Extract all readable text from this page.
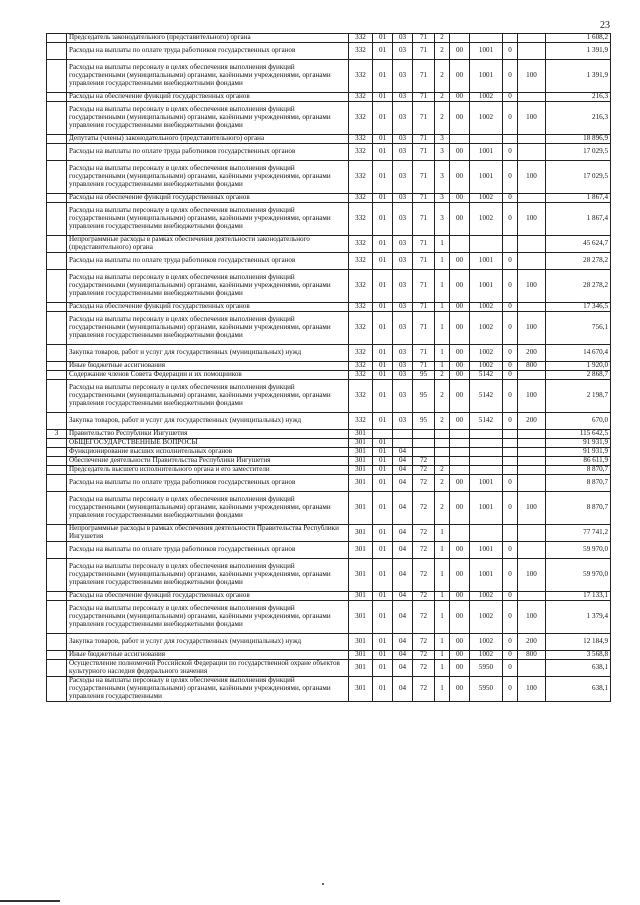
23
	Председатель законодательного (представительного) органа	332	01	03	71	2					1 608,2
	Расходы на выплаты по оплате труда работников государственных органов	332	01	03	71	2	00	1001	0		1 391,9
	Расходы на выплаты персоналу в целях обеспечения выполнения функций государственными (муниципальными) органами, казёнными учреждениями, органами управления государственными внебюджетными фондами	332	01	03	71	2	00	1001	0	100	1 391,9
	Расходы на обеспечение функций государственных органов	332	01	03	71	2	00	1002	0		216,3
	Расходы на выплаты персоналу в целях обеспечения выполнения функций государственными (муниципальными) органами, казёнными учреждениями, органами управления государственными внебюджетными фондами	332	01	03	71	2	00	1002	0	100	216,3
	Депутаты (члены) законодательного (представительного) органа	332	01	03	71	3					18 896,9
	Расходы на выплаты по оплате труда работников государственных органов	332	01	03	71	3	00	1001	0		17 029,5
	Расходы на выплаты персоналу в целях обеспечения выполнения функций государственными (муниципальными) органами, казёнными учреждениями, органами управления государственными внебюджетными фондами	332	01	03	71	3	00	1001	0	100	17 029,5
	Расходы на обеспечение функций государственных органов	332	01	03	71	3	00	1002	0		1 867,4
	Расходы на выплаты персоналу в целях обеспечения выполнения функций государственными (муниципальными) органами, казёнными учреждениями, органами управления государственными внебюджетными фондами	332	01	03	71	3	00	1002	0	100	1 867,4
	Непрограммные расходы в рамках обеспечения деятельности законодательного (представительного) органа	332	01	03	71	1					45 624,7
	Расходы на выплаты по оплате труда работников государственных органов	332	01	03	71	1	00	1001	0		28 278,2
	Расходы на выплаты персоналу в целях обеспечения выполнения функций государственными (муниципальными) органами, казёнными учреждениями, органами управления государственными внебюджетными фондами	332	01	03	71	1	00	1001	0	100	28 278,2
	Расходы на обеспечение функций государственных органов	332	01	03	71	1	00	1002	0		17 346,5
	Расходы на выплаты персоналу в целях обеспечения выполнения функций государственными (муниципальными) органами, казёнными учреждениями, органами управления государственными внебюджетными фондами	332	01	03	71	1	00	1002	0	100	756,1
	Закупка товаров, работ и услуг для государственных (муниципальных) нужд	332	01	03	71	1	00	1002	0	200	14 670,4
	Иные бюджетные ассигнования	332	01	03	71	1	00	1002	0	800	1 920,0
	Содержание членов Совета Федерации и их помощников	332	01	03	95	2	00	5142	0		2 868,7
	Расходы на выплаты персоналу в целях обеспечения выполнения функций государственными (муниципальными) органами, казёнными учреждениями, органами управления государственными внебюджетными фондами	332	01	03	95	2	00	5142	0	100	2 198,7
	Закупка товаров, работ и услуг для государственных (муниципальных) нужд	332	01	03	95	2	00	5142	0	200	670,0
3	Правительство Республики Ингушетия	301									115 642,5
	ОБЩЕГОСУДАРСТВЕННЫЕ ВОПРОСЫ	301	01								91 931,9
	Функционирование высших исполнительных органов	301	01	04							91 931,9
	Обеспечение деятельности Правительства Республики Ингушетия	301	01	04	72						86 611,9
	Председатель высшего исполнительного органа и его заместители	301	01	04	72	2					8 870,7
	Расходы на выплаты по оплате труда работников государственных органов	301	01	04	72	2	00	1001	0		8 870,7
	Расходы на выплаты персоналу в целях обеспечения выполнения функций государственными (муниципальными) органами, казёнными учреждениями, органами управления государственными внебюджетными фондами	301	01	04	72	2	00	1001	0	100	8 870,7
	Непрограммные расходы в рамках обеспечения деятельности Правительства Республики Ингушетия	301	01	04	72	1					77 741,2
	Расходы на выплаты по оплате труда работников государственных органов	301	01	04	72	1	00	1001	0		59 970,0
	Расходы на выплаты персоналу в целях обеспечения выполнения функций государственными (муниципальными) органами, казёнными учреждениями, органами управления государственными внебюджетными фондами	301	01	04	72	1	00	1001	0	100	59 970,0
	Расходы на обеспечение функций государственных органов	301	01	04	72	1	00	1002	0		17 133,1
	Расходы на выплаты персоналу в целях обеспечения выполнения функций государственными (муниципальными) органами, казёнными учреждениями, органами управления государственными внебюджетными фондами	301	01	04	72	1	00	1002	0	100	1 379,4
	Закупка товаров, работ и услуг для государственных (муниципальных) нужд	301	01	04	72	1	00	1002	0	200	12 184,9
	Иные бюджетные ассигнования	301	01	04	72	1	00	1002	0	800	3 568,8
	Осуществление полномочий Российской Федерации по государственной охране объектов культурного наследия федерального значения	301	01	04	72	1	00	5950	0		638,1
	Расходы на выплаты персоналу в целях обеспечения выполнения функций государственными (муниципальными) органами, казёнными учреждениями, органами управления государственными	301	01	04	72	1	00	5950	0	100	638,1
